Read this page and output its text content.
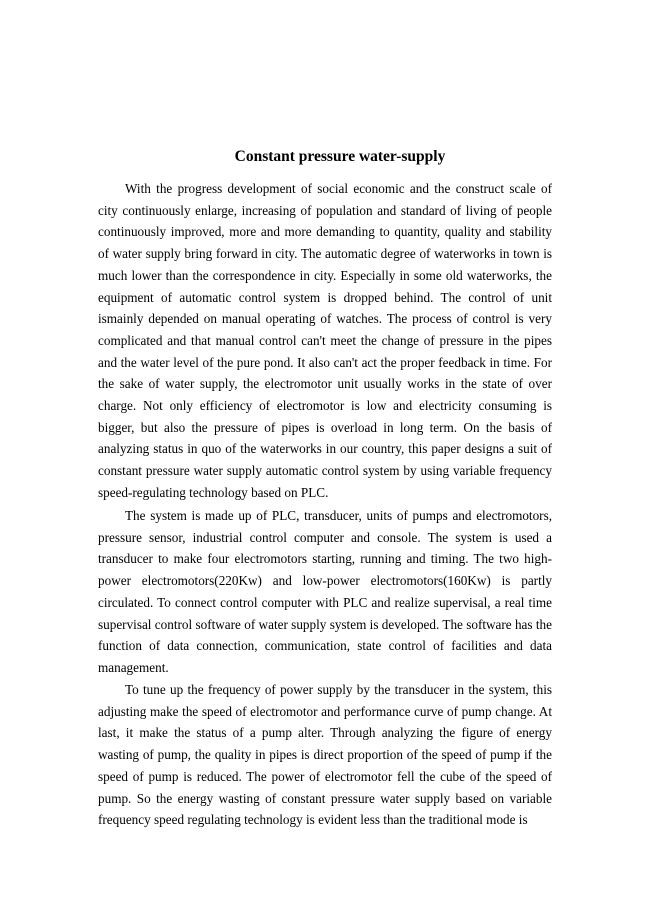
Constant pressure water-supply

With the progress development of social economic and the construct scale of city continuously enlarge, increasing of population and standard of living of people continuously improved, more and more demanding to quantity, quality and stability of water supply bring forward in city. The automatic degree of waterworks in town is much lower than the correspondence in city. Especially in some old waterworks, the equipment of automatic control system is dropped behind. The control of unit ismainly depended on manual operating of watches. The process of control is very complicated and that manual control can't meet the change of pressure in the pipes and the water level of the pure pond. It also can't act the proper feedback in time. For the sake of water supply, the electromotor unit usually works in the state of over charge. Not only efficiency of electromotor is low and electricity consuming is bigger, but also the pressure of pipes is overload in long term. On the basis of analyzing status in quo of the waterworks in our country, this paper designs a suit of constant pressure water supply automatic control system by using variable frequency speed-regulating technology based on PLC.

The system is made up of PLC, transducer, units of pumps and electromotors, pressure sensor, industrial control computer and console. The system is used a transducer to make four electromotors starting, running and timing. The two high-power electromotors(220Kw) and low-power electromotors(160Kw) is partly circulated. To connect control computer with PLC and realize supervisal, a real time supervisal control software of water supply system is developed. The software has the function of data connection, communication, state control of facilities and data management.

To tune up the frequency of power supply by the transducer in the system, this adjusting make the speed of electromotor and performance curve of pump change. At last, it make the status of a pump alter. Through analyzing the figure of energy wasting of pump, the quality in pipes is direct proportion of the speed of pump if the speed of pump is reduced. The power of electromotor fell the cube of the speed of pump. So the energy wasting of constant pressure water supply based on variable frequency speed regulating technology is evident less than the traditional mode is
